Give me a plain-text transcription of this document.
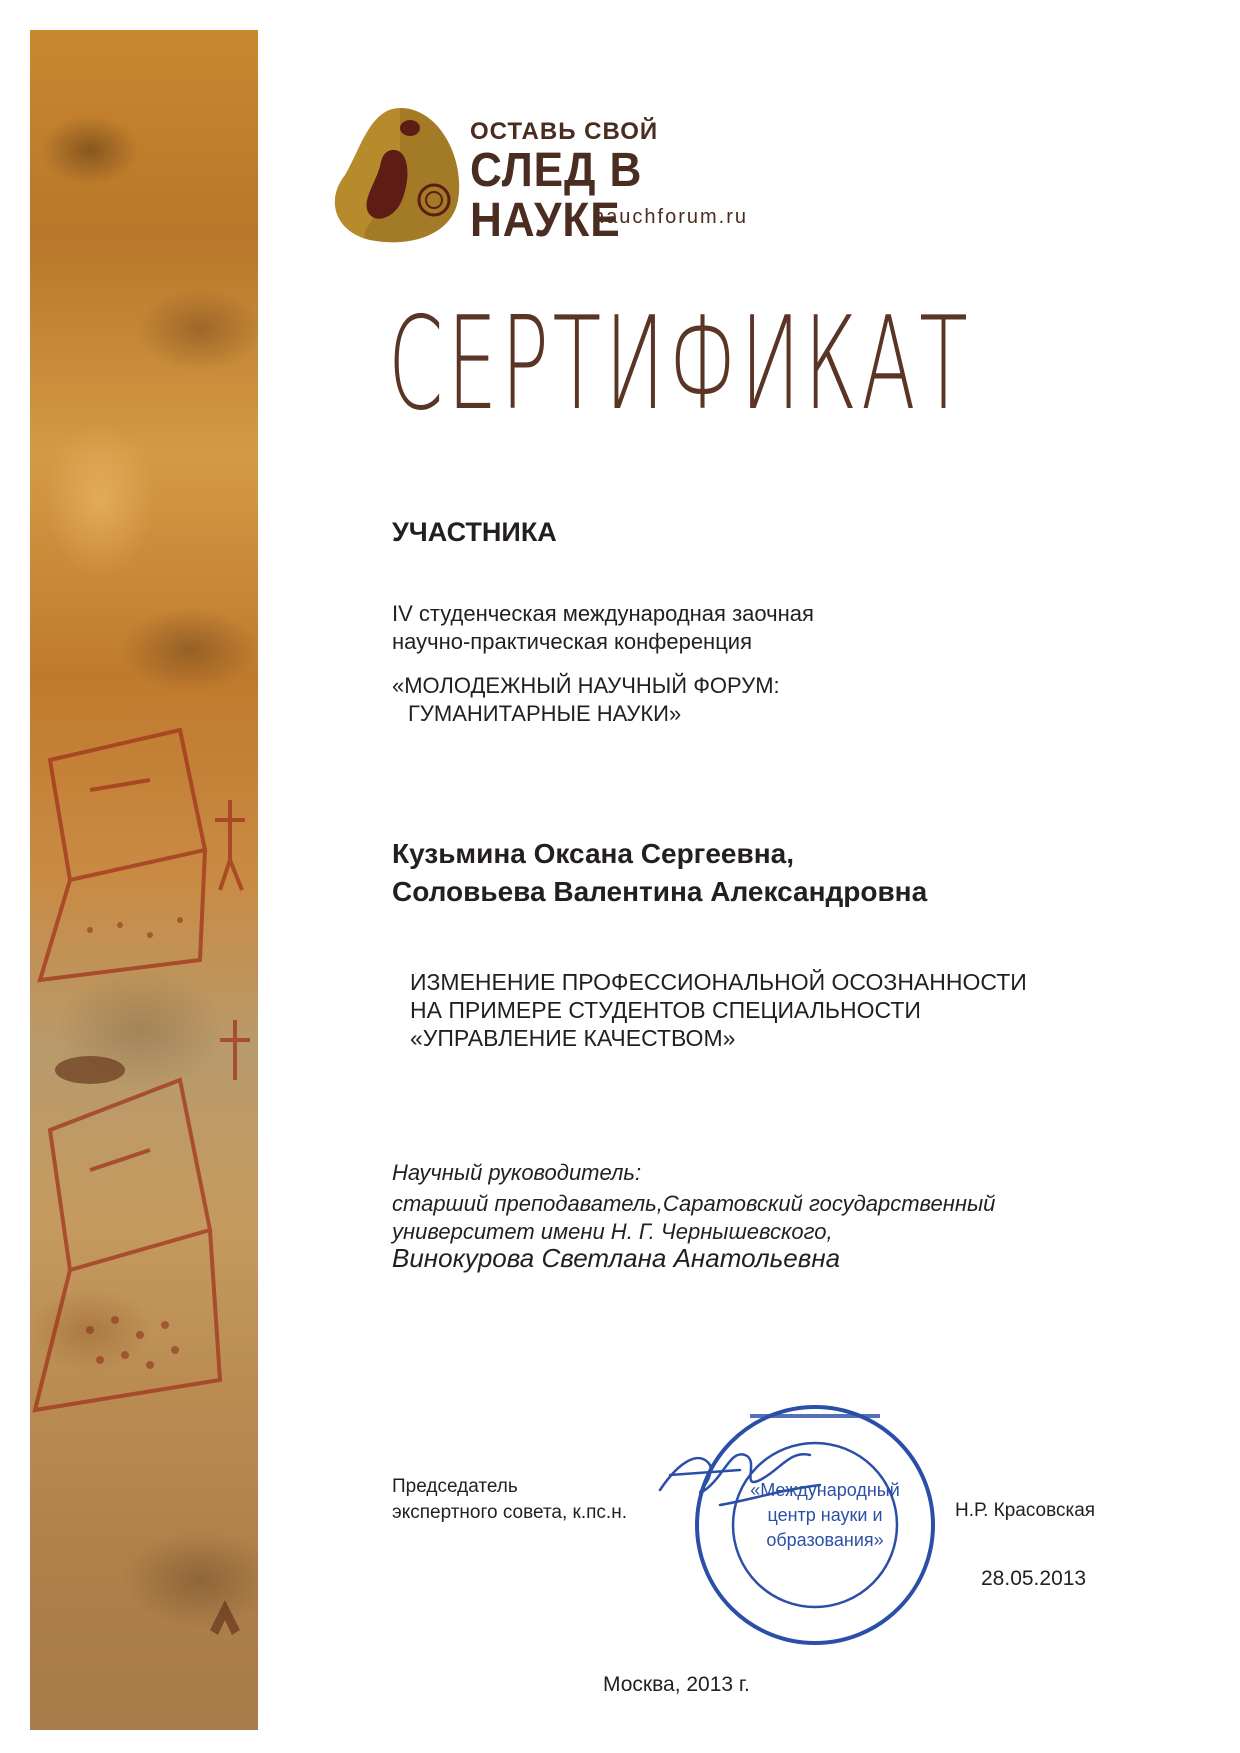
ОСТАВЬ СВОЙ
СЛЕД В НАУКЕ
nauchforum.ru
СЕРТИФИКАТ
УЧАСТНИКА
IV студенческая международная заочная
научно-практическая конференция
«МОЛОДЕЖНЫЙ НАУЧНЫЙ ФОРУМ:
ГУМАНИТАРНЫЕ НАУКИ»
Кузьмина Оксана Сергеевна,
Соловьева Валентина Александровна
ИЗМЕНЕНИЕ ПРОФЕССИОНАЛЬНОЙ ОСОЗНАННОСТИ
НА ПРИМЕРЕ СТУДЕНТОВ СПЕЦИАЛЬНОСТИ
«УПРАВЛЕНИЕ КАЧЕСТВОМ»
Научный руководитель:
старший преподаватель,Саратовский государственный
университет имени Н. Г. Чернышевского,
Винокурова Светлана Анатольевна
Председатель
экспертного совета, к.пс.н.
«Международный
центр науки и
образования»
Н.Р. Красовская
28.05.2013
Москва, 2013 г.
